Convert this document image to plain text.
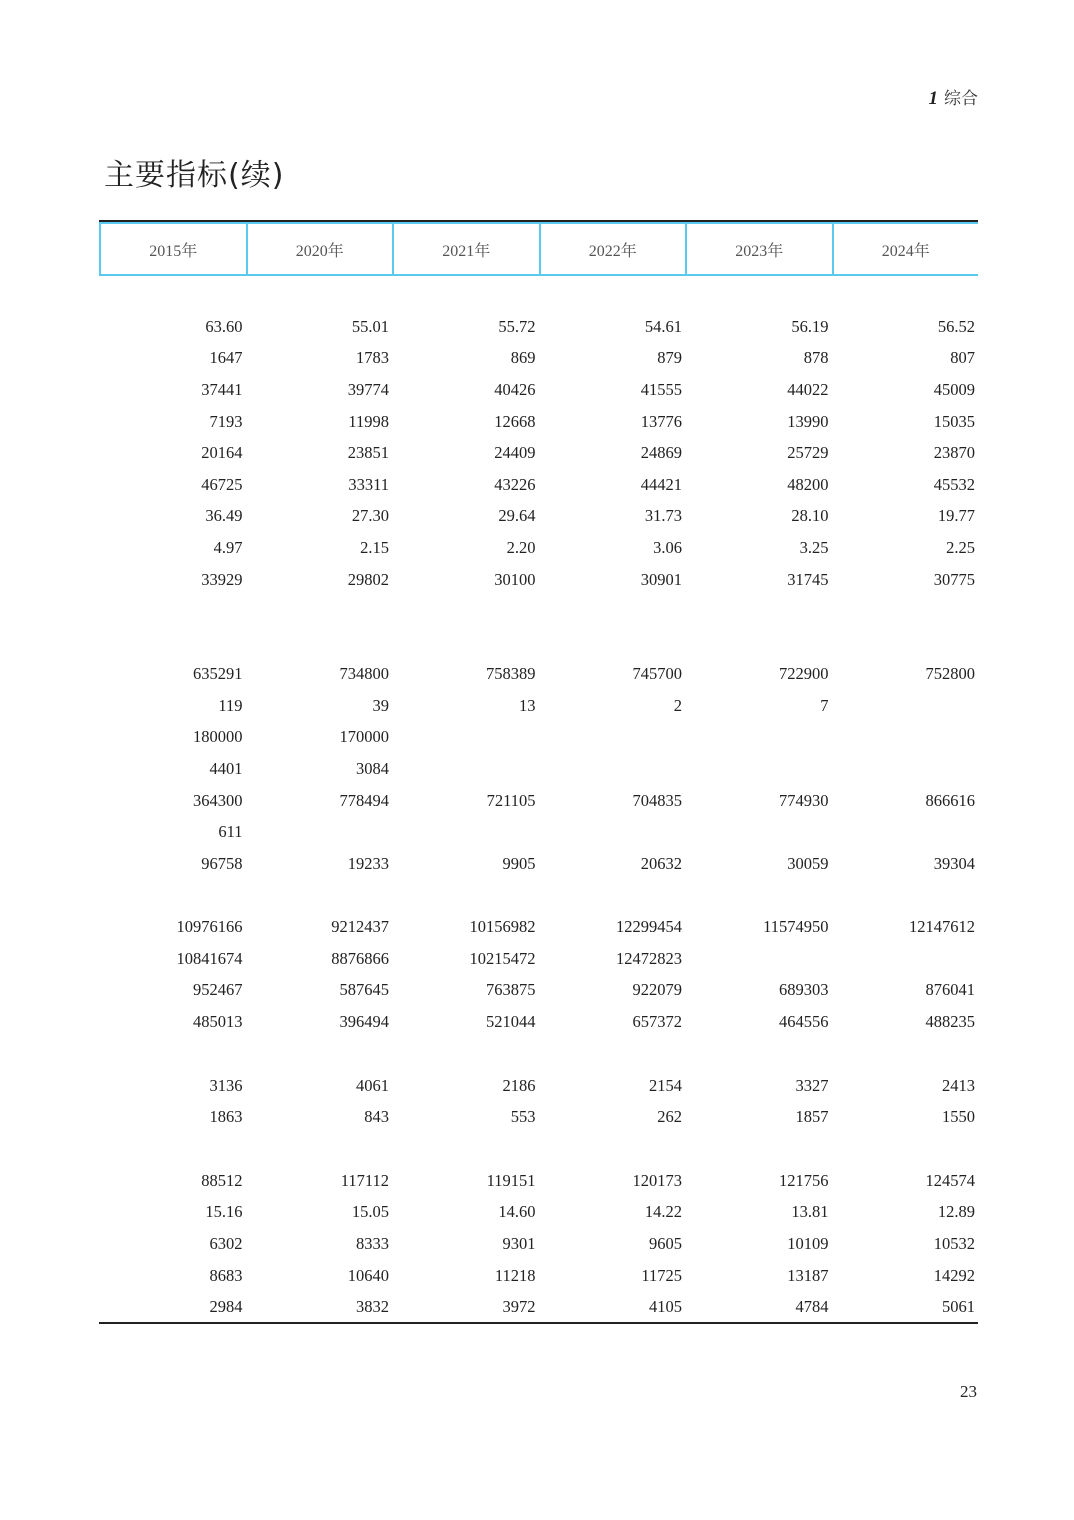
1 综合
主要指标(续)
2015年	2020年	2021年	2022年	2023年	2024年
63.60	55.01	55.72	54.61	56.19	56.52
1647	1783	869	879	878	807
37441	39774	40426	41555	44022	45009
7193	11998	12668	13776	13990	15035
20164	23851	24409	24869	25729	23870
46725	33311	43226	44421	48200	45532
36.49	27.30	29.64	31.73	28.10	19.77
4.97	2.15	2.20	3.06	3.25	2.25
33929	29802	30100	30901	31745	30775
635291	734800	758389	745700	722900	752800
119	39	13	2	7
180000	170000
4401	3084
364300	778494	721105	704835	774930	866616
611
96758	19233	9905	20632	30059	39304
10976166	9212437	10156982	12299454	11574950	12147612
10841674	8876866	10215472	12472823
952467	587645	763875	922079	689303	876041
485013	396494	521044	657372	464556	488235
3136	4061	2186	2154	3327	2413
1863	843	553	262	1857	1550
88512	117112	119151	120173	121756	124574
15.16	15.05	14.60	14.22	13.81	12.89
6302	8333	9301	9605	10109	10532
8683	10640	11218	11725	13187	14292
2984	3832	3972	4105	4784	5061
23
